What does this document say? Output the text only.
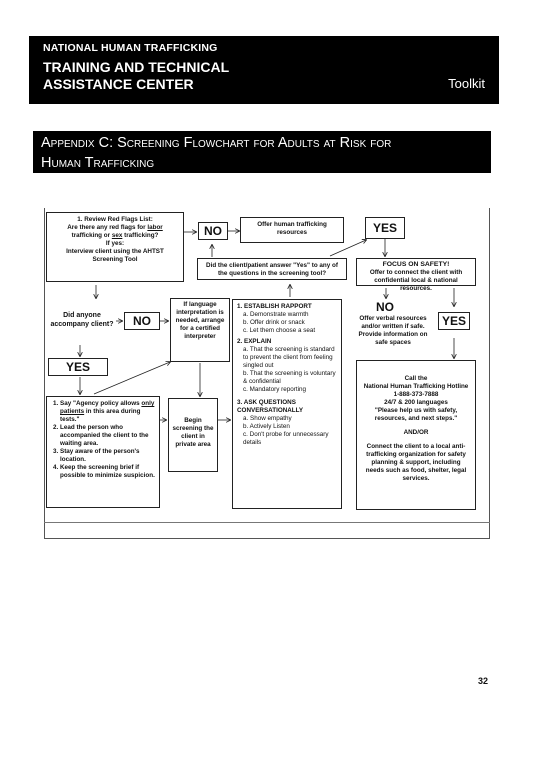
NATIONAL HUMAN TRAFFICKING
TRAINING AND TECHNICAL
ASSISTANCE CENTER	Toolkit
Appendix C: Screening Flowchart for Adults at Risk for
Human Trafficking
1. Review Red Flags List:
Are there any red flags for labor
trafficking or sex trafficking?
If yes:
Interview client using the AHTST
Screening Tool
NO	Offer human trafficking resources	YES
Did the client/patient answer "Yes" to any of the questions in the screening tool?
FOCUS ON SAFETY!
Offer to connect the client with confidential local & national resources.
Did anyone accompany client?	NO
YES
If language interpretation is needed, arrange for a certified interpreter
Begin screening the client in private area
1. Say "Agency policy allows only patients in this area during tests."
2. Lead the person who accompanied the client to the waiting area.
3. Stay aware of the person's location.
4. Keep the screening brief if possible to minimize suspicion.
1. ESTABLISH RAPPORT
a. Demonstrate warmth
b. Offer drink or snack
c. Let them choose a seat
2. EXPLAIN
a. That the screening is standard to prevent the client from feeling singled out
b. That the screening is voluntary & confidential
c. Mandatory reporting
3. ASK QUESTIONS CONVERSATIONALLY
a. Show empathy
b. Actively Listen
c. Don't probe for unnecessary details
NO
Offer verbal resources and/or written if safe. Provide information on safe spaces
YES
Call the
National Human Trafficking Hotline
1-888-373-7888
24/7 & 200 languages
"Please help us with safety, resources, and next steps."
AND/OR
Connect the client to a local anti-trafficking organization for safety planning & support, including needs such as food, shelter, legal services.
32
